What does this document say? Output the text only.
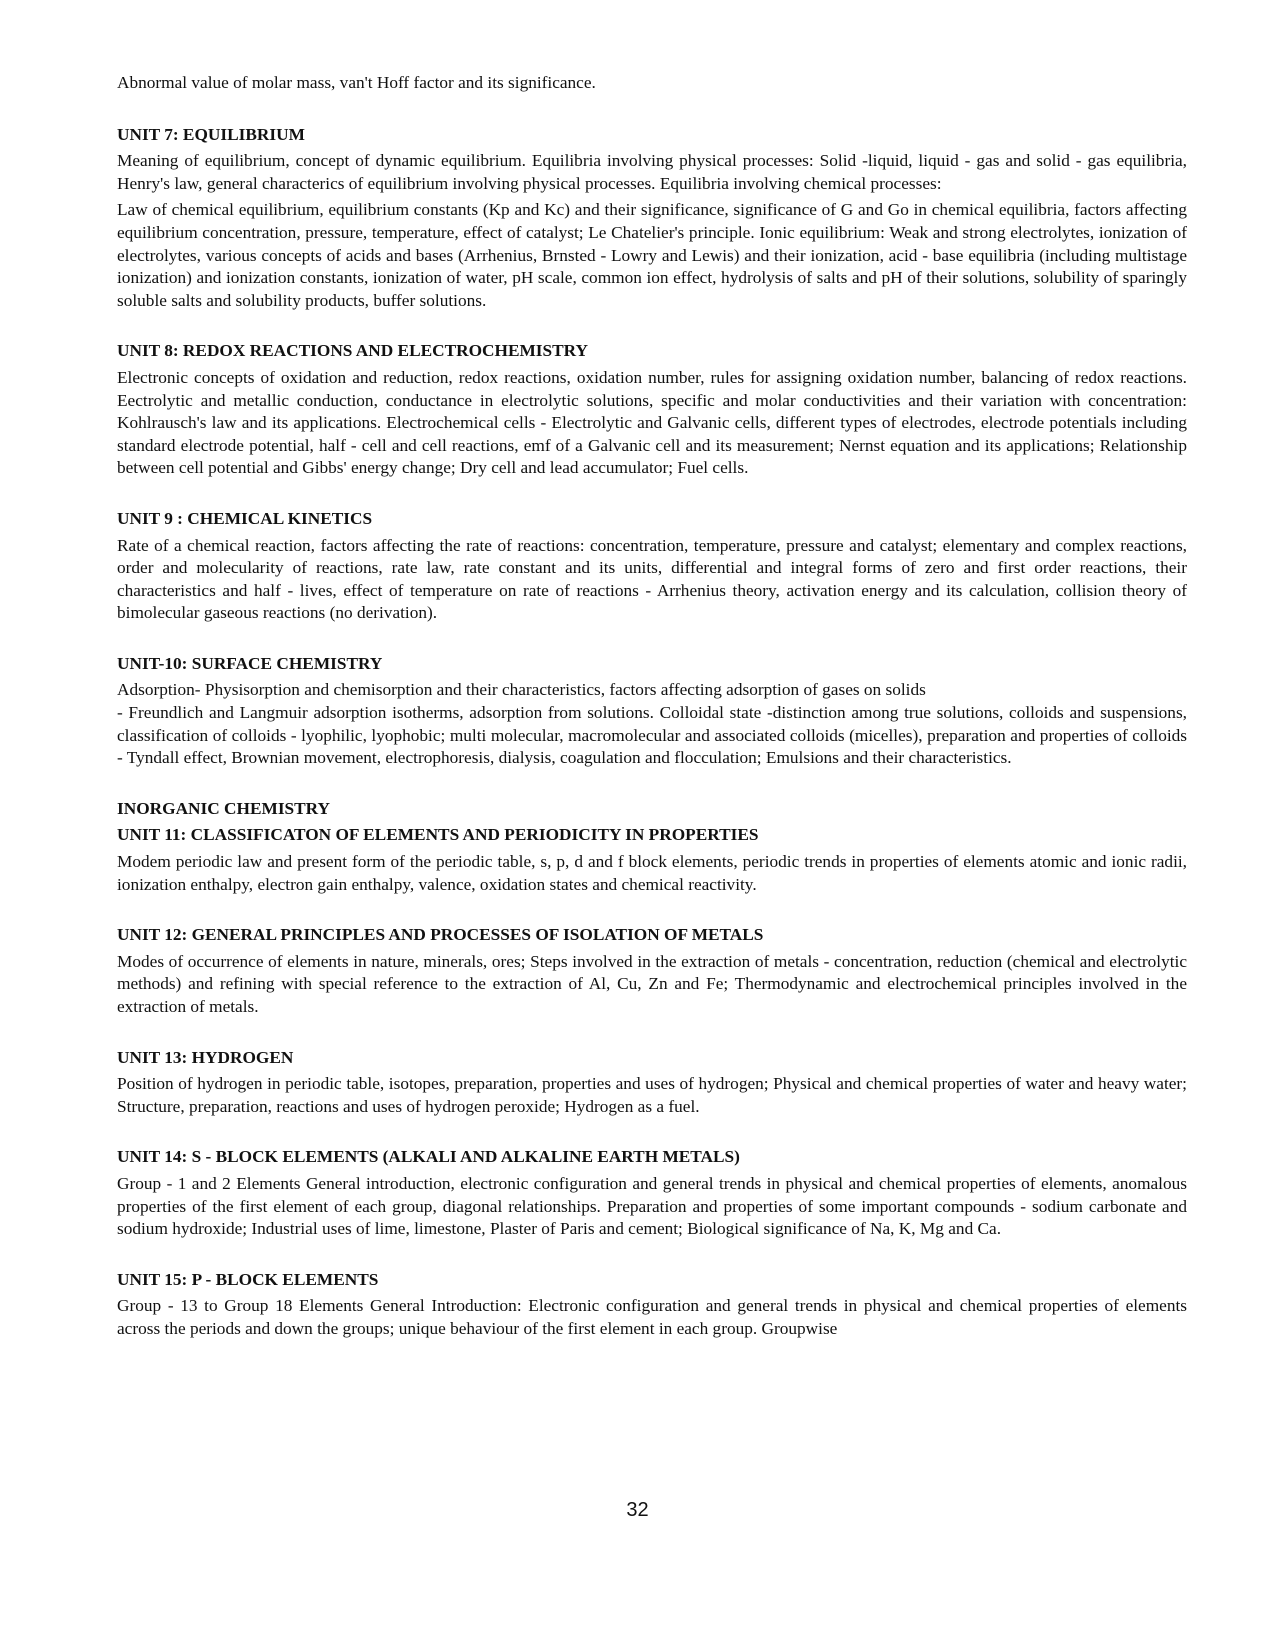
Abnormal value of molar mass, van't Hoff factor and its significance.

UNIT 7: EQUILIBRIUM

Meaning of equilibrium, concept of dynamic equilibrium. Equilibria involving physical processes: Solid -liquid, liquid - gas and solid - gas equilibria, Henry's law, general characterics of equilibrium involving physical processes. Equilibria involving chemical processes:

Law of chemical equilibrium, equilibrium constants (Kp and Kc) and their significance, significance of G and Go in chemical equilibria, factors affecting equilibrium concentration, pressure, temperature, effect of catalyst; Le Chatelier's principle. Ionic equilibrium: Weak and strong electrolytes, ionization of electrolytes, various concepts of acids and bases (Arrhenius, Brnsted - Lowry and Lewis) and their ionization, acid - base equilibria (including multistage ionization) and ionization constants, ionization of water, pH scale, common ion effect, hydrolysis of salts and pH of their solutions, solubility of sparingly soluble salts and solubility products, buffer solutions.

UNIT 8: REDOX REACTIONS AND ELECTROCHEMISTRY

Electronic concepts of oxidation and reduction, redox reactions, oxidation number, rules for assigning oxidation number, balancing of redox reactions. Eectrolytic and metallic conduction, conductance in electrolytic solutions, specific and molar conductivities and their variation with concentration: Kohlrausch's law and its applications. Electrochemical cells - Electrolytic and Galvanic cells, different types of electrodes, electrode potentials including standard electrode potential, half - cell and cell reactions, emf of a Galvanic cell and its measurement; Nernst equation and its applications; Relationship between cell potential and Gibbs' energy change; Dry cell and lead accumulator; Fuel cells.

UNIT 9 : CHEMICAL KINETICS

Rate of a chemical reaction, factors affecting the rate of reactions: concentration, temperature, pressure and catalyst; elementary and complex reactions, order and molecularity of reactions, rate law, rate constant and its units, differential and integral forms of zero and first order reactions, their characteristics and half - lives, effect of temperature on rate of reactions - Arrhenius theory, activation energy and its calculation, collision theory of bimolecular gaseous reactions (no derivation).

UNIT-10: SURFACE CHEMISTRY

Adsorption- Physisorption and chemisorption and their characteristics, factors affecting adsorption of gases on solids

- Freundlich and Langmuir adsorption isotherms, adsorption from solutions. Colloidal state -distinction among true solutions, colloids and suspensions, classification of colloids - lyophilic, lyophobic; multi molecular, macromolecular and associated colloids (micelles), preparation and properties of colloids - Tyndall effect, Brownian movement, electrophoresis, dialysis, coagulation and flocculation; Emulsions and their characteristics.

INORGANIC CHEMISTRY
UNIT 11: CLASSIFICATON OF ELEMENTS AND PERIODICITY IN PROPERTIES

Modem periodic law and present form of the periodic table, s, p, d and f block elements, periodic trends in properties of elements atomic and ionic radii, ionization enthalpy, electron gain enthalpy, valence, oxidation states and chemical reactivity.

UNIT 12: GENERAL PRINCIPLES AND PROCESSES OF ISOLATION OF METALS

Modes of occurrence of elements in nature, minerals, ores; Steps involved in the extraction of metals - concentration, reduction (chemical and electrolytic methods) and refining with special reference to the extraction of Al, Cu, Zn and Fe; Thermodynamic and electrochemical principles involved in the extraction of metals.

UNIT 13: HYDROGEN

Position of hydrogen in periodic table, isotopes, preparation, properties and uses of hydrogen; Physical and chemical properties of water and heavy water; Structure, preparation, reactions and uses of hydrogen peroxide; Hydrogen as a fuel.

UNIT 14: S - BLOCK ELEMENTS (ALKALI AND ALKALINE EARTH METALS)

Group - 1 and 2 Elements General introduction, electronic configuration and general trends in physical and chemical properties of elements, anomalous properties of the first element of each group, diagonal relationships. Preparation and properties of some important compounds - sodium carbonate and sodium hydroxide; Industrial uses of lime, limestone, Plaster of Paris and cement; Biological significance of Na, K, Mg and Ca.

UNIT 15: P - BLOCK ELEMENTS

Group - 13 to Group 18 Elements General Introduction: Electronic configuration and general trends in physical and chemical properties of elements across the periods and down the groups; unique behaviour of the first element in each group. Groupwise

32
